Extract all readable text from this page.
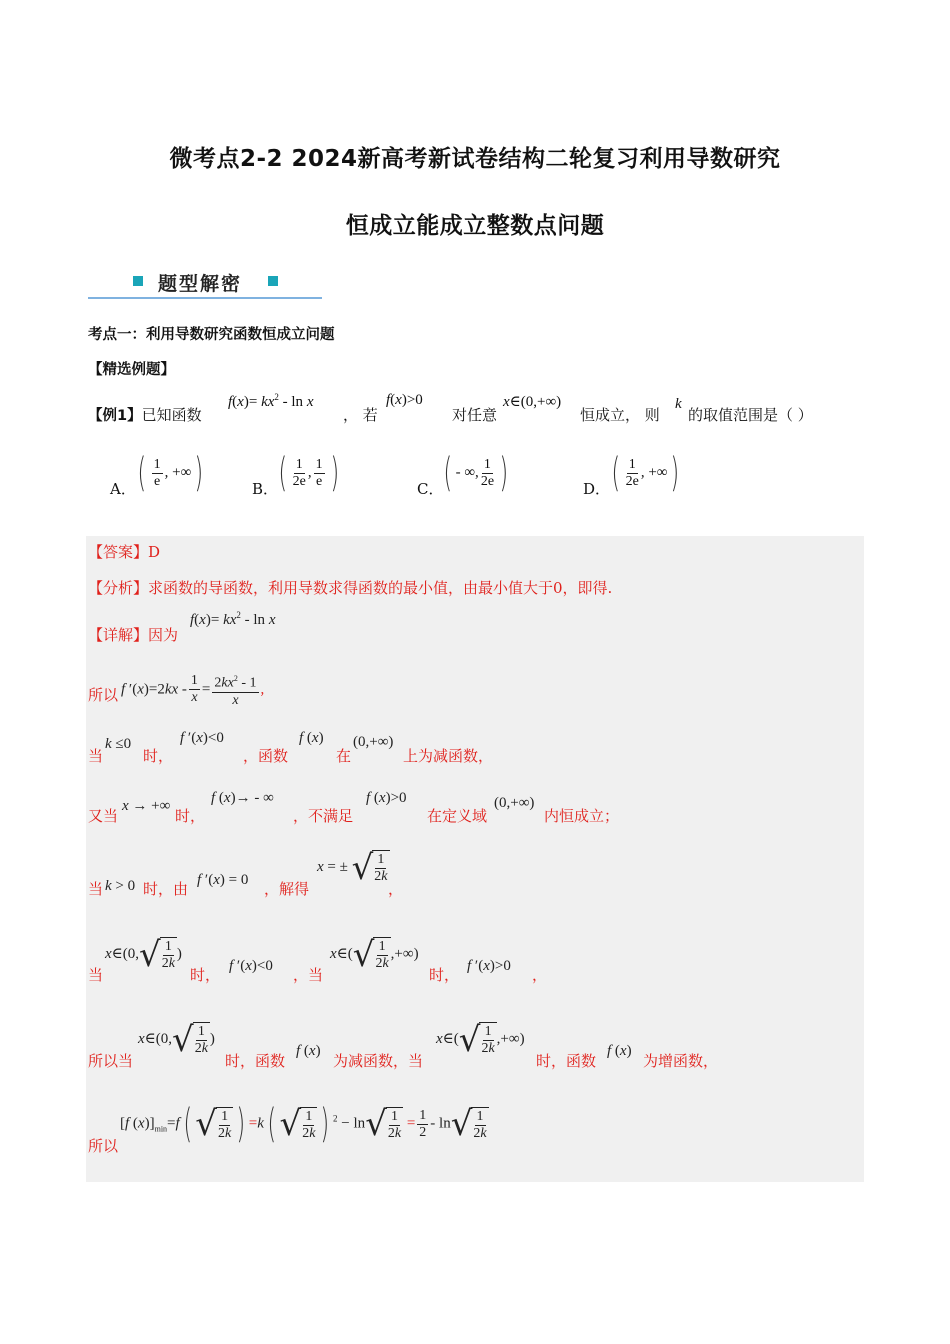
微考点2-2 2024新高考新试卷结构二轮复习利用导数研究
恒成立能成立整数点问题
题型解密
考点一：利用导数研究函数恒成立问题
【精选例题】
【例1】已知函数
$f(x)= kx^2 - \ln x$
， 若
f(x)>0
对任意
x∈(0,+∞)
恒成立， 则
k
的取值范围是（ ）
A． ( $\frac{1}{e}$ , +∞)	B． ( $\frac{1}{2e}$ , $\frac{1}{e}$ )	C． ( - ∞, $\frac{1}{2e}$ )	D． ( $\frac{1}{2e}$ , +∞)
【答案】D
【分析】求函数的导函数，利用导数求得函数的最小值，由最小值大于0，即得.
【详解】因为
$f(x)= kx^2 - \ln x$
所以 f $'(x)=2kx - \frac{1}{x} = \frac{2kx^2 - 1}{x}$ ,
当
k ≤0
时，
f ′(x)<0
，函数
f (x)
在
(0,+∞)
上为减函数，
又当
x → +∞
时，
f (x)→ - ∞
，不满足
f (x)>0
在定义域
(0,+∞)
内恒成立；
当 k > 0 时，由 f ′(x) = 0 ，解得
x = ± √ $\frac{1}{2k}$
，
当
x∈(0, √ $\frac{1}{2k}$ )
时， f ′(x)<0 ，当
x∈( √ $\frac{1}{2k}$ ,+∞)
时， f ′(x)>0 ，
所以当
x∈(0, √ $\frac{1}{2k}$ )
时，函数
f (x)
为减函数，当
x∈( √ $\frac{1}{2k}$ ,+∞)
时，函数
f (x)
为增函数，
所以
[f $(x)]_{min}=f$( √ $\frac{1}{2k}$ ) =k( √ $\frac{1}{2k}$ ) $^2$ − ln √ $\frac{1}{2k} = \frac{1}{2} - \ln$ √ $\frac{1}{2k}$
